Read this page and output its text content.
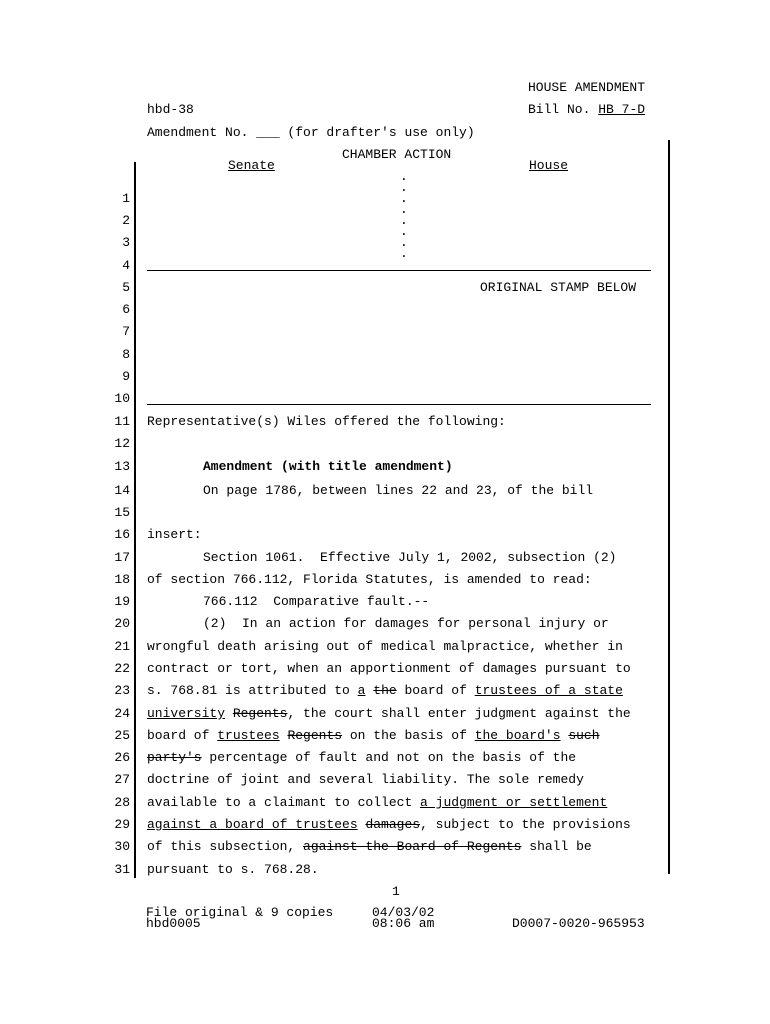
HOUSE AMENDMENT
hbd-38	Bill No. HB 7-D
Amendment No. ___ (for drafter's use only)
CHAMBER ACTION
Senate	House
.
.
.
.
.
.
.
.
ORIGINAL STAMP BELOW
1
2
3
4
5
6
7
8
9
10
11
12
13
14
15
16
17
18
19
20
21
22
23
24
25
26
27
28
29
30
31
Representative(s) Wiles offered the following:
Amendment (with title amendment)
On page 1786, between lines 22 and 23, of the bill
insert:
Section 1061.  Effective July 1, 2002, subsection (2)
of section 766.112, Florida Statutes, is amended to read:
766.112  Comparative fault.--
(2)  In an action for damages for personal injury or
wrongful death arising out of medical malpractice, whether in
contract or tort, when an apportionment of damages pursuant to
s. 768.81 is attributed to a the board of trustees of a state
university Regents, the court shall enter judgment against the
board of trustees Regents on the basis of the board's such
party's percentage of fault and not on the basis of the
doctrine of joint and several liability. The sole remedy
available to a claimant to collect a judgment or settlement
against a board of trustees damages, subject to the provisions
of this subsection, against the Board of Regents shall be
pursuant to s. 768.28.
1
File original & 9 copies
hbd0005
04/03/02
08:06 am	D0007-0020-965953
